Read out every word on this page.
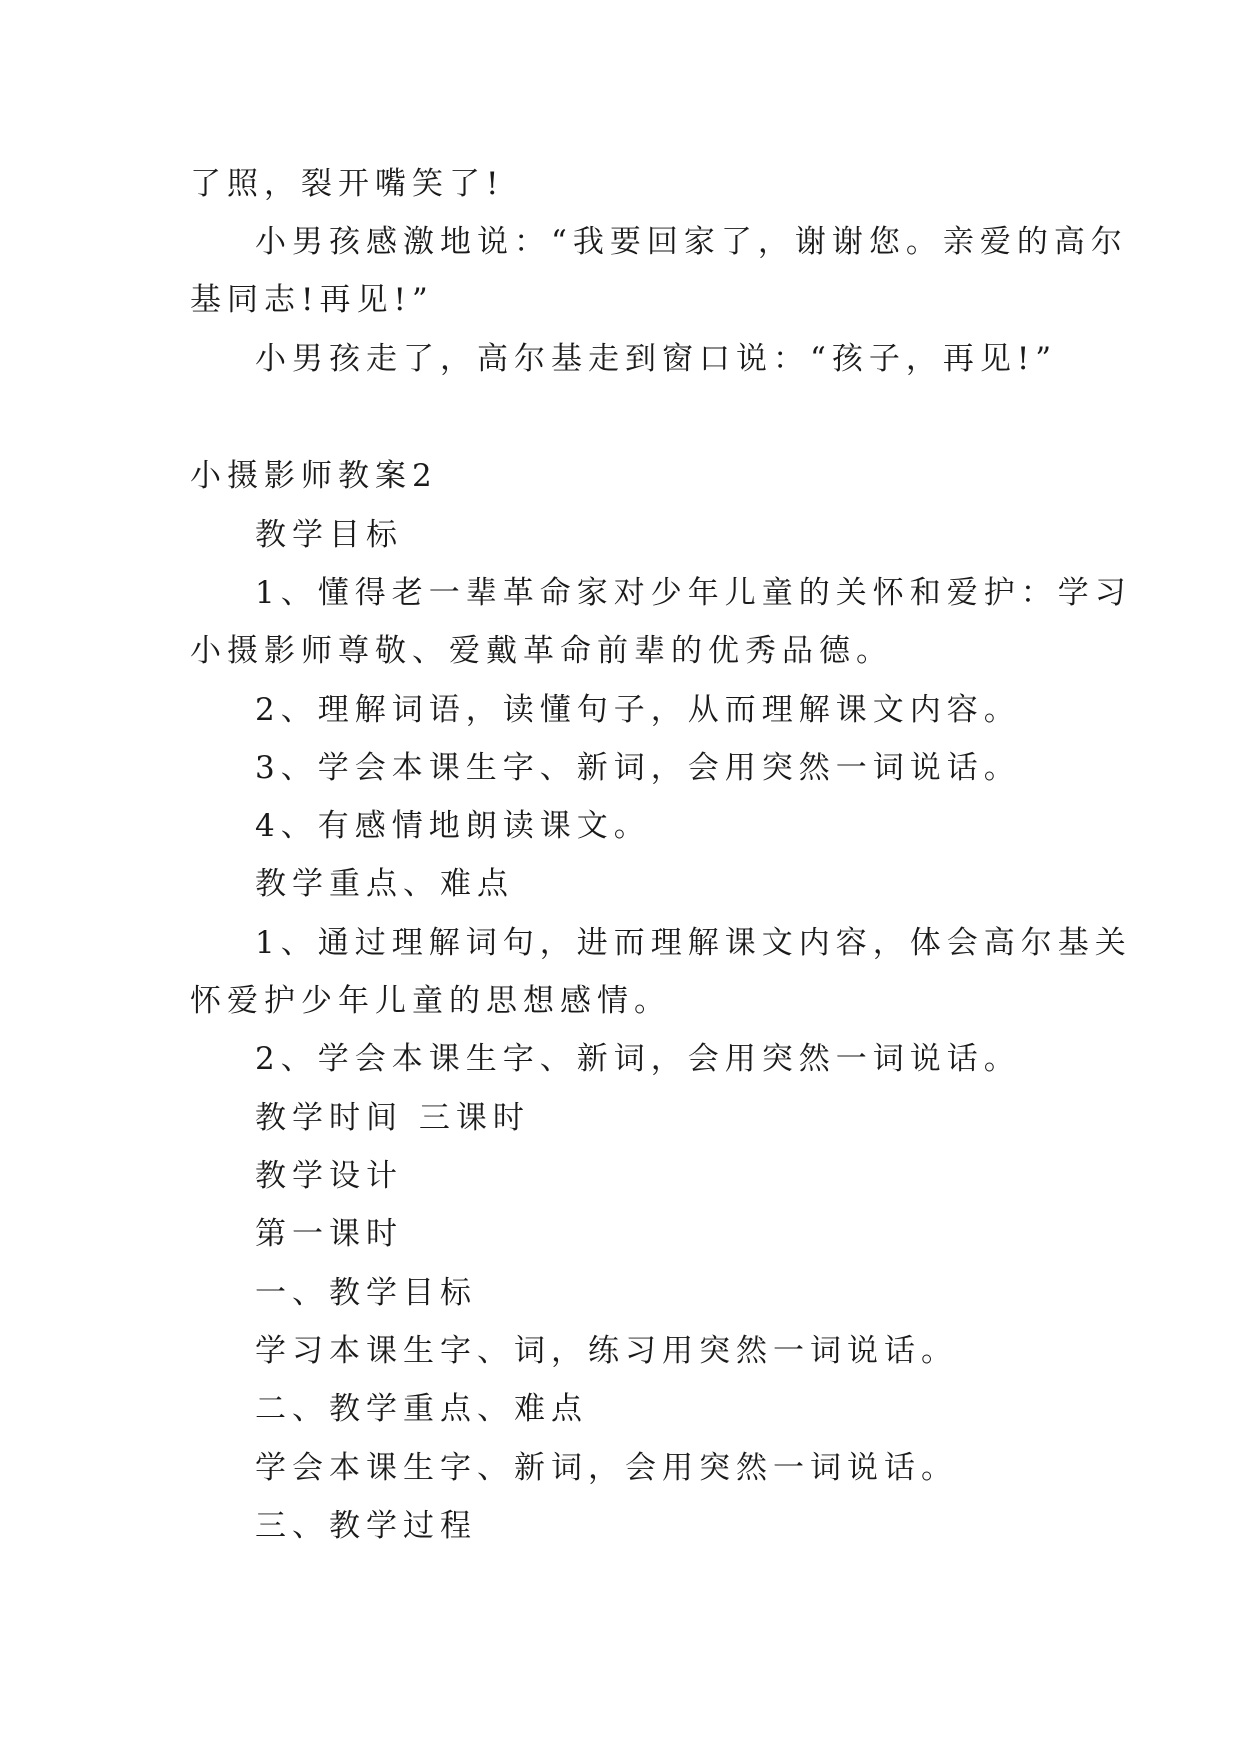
了照，裂开嘴笑了!
小男孩感激地说：“我要回家了，谢谢您。亲爱的高尔
基同志!再见!”
小男孩走了，高尔基走到窗口说：“孩子，再见!”
小摄影师教案2
教学目标
1、懂得老一辈革命家对少年儿童的关怀和爱护：学习
小摄影师尊敬、爱戴革命前辈的优秀品德。
2、理解词语，读懂句子，从而理解课文内容。
3、学会本课生字、新词，会用突然一词说话。
4、有感情地朗读课文。
教学重点、难点
1、通过理解词句，进而理解课文内容，体会高尔基关
怀爱护少年儿童的思想感情。
2、学会本课生字、新词，会用突然一词说话。
教学时间 三课时
教学设计
第一课时
一、教学目标
学习本课生字、词，练习用突然一词说话。
二、教学重点、难点
学会本课生字、新词，会用突然一词说话。
三、教学过程
